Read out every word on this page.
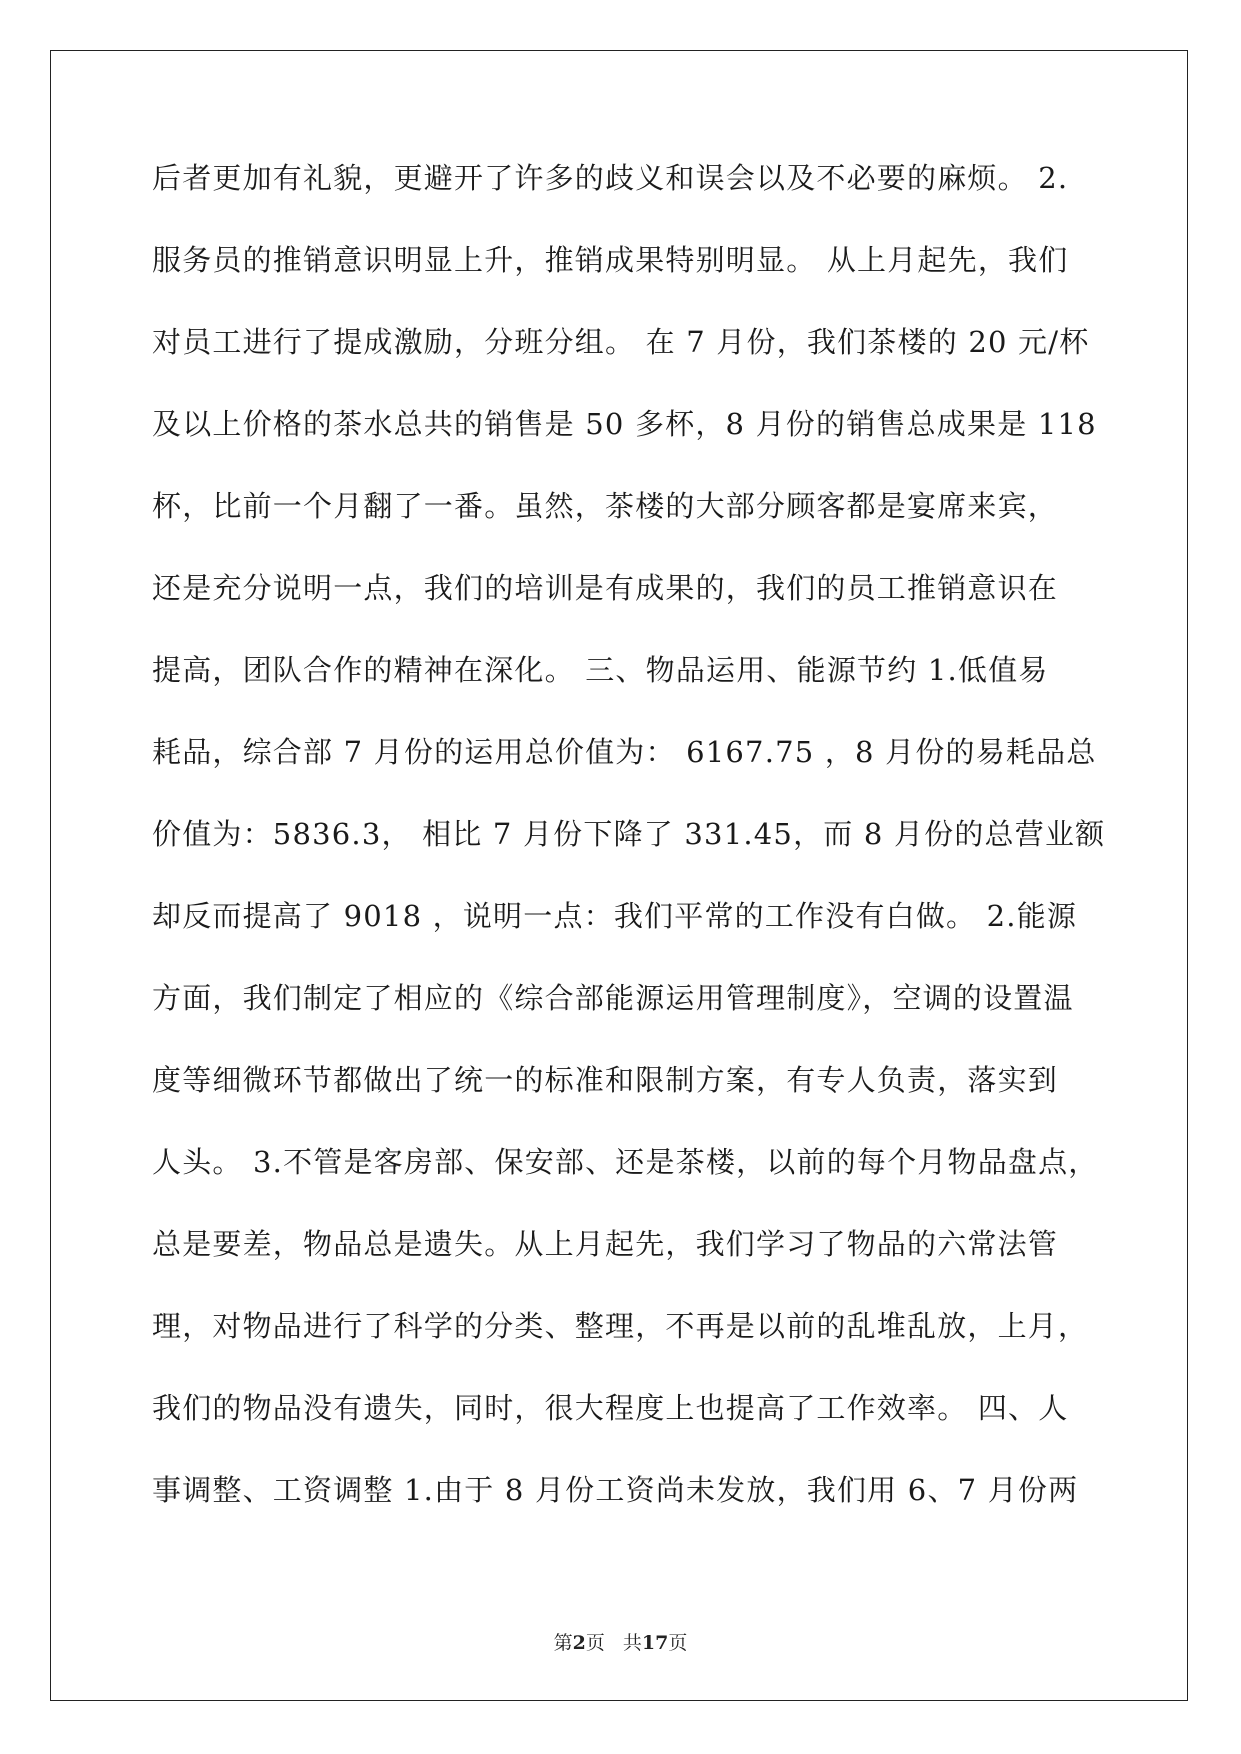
后者更加有礼貌，更避开了许多的歧义和误会以及不必要的麻烦。 2.
服务员的推销意识明显上升，推销成果特别明显。 从上月起先，我们
对员工进行了提成激励，分班分组。 在 7 月份，我们茶楼的 20 元/杯
及以上价格的茶水总共的销售是 50 多杯，8 月份的销售总成果是 118
杯，比前一个月翻了一番。虽然，茶楼的大部分顾客都是宴席来宾，
还是充分说明一点，我们的培训是有成果的，我们的员工推销意识在
提高，团队合作的精神在深化。 三、物品运用、能源节约 1.低值易
耗品，综合部 7 月份的运用总价值为： 6167.75 ，8 月份的易耗品总
价值为：5836.3， 相比 7 月份下降了 331.45，而 8 月份的总营业额
却反而提高了 9018 ，说明一点：我们平常的工作没有白做。 2.能源
方面，我们制定了相应的《综合部能源运用管理制度》，空调的设置温
度等细微环节都做出了统一的标准和限制方案，有专人负责，落实到
人头。 3.不管是客房部、保安部、还是茶楼，以前的每个月物品盘点，
总是要差，物品总是遗失。从上月起先，我们学习了物品的六常法管
理，对物品进行了科学的分类、整理，不再是以前的乱堆乱放，上月，
我们的物品没有遗失，同时，很大程度上也提高了工作效率。 四、人
事调整、工资调整 1.由于 8 月份工资尚未发放，我们用 6、7 月份两
第2页 共17页
